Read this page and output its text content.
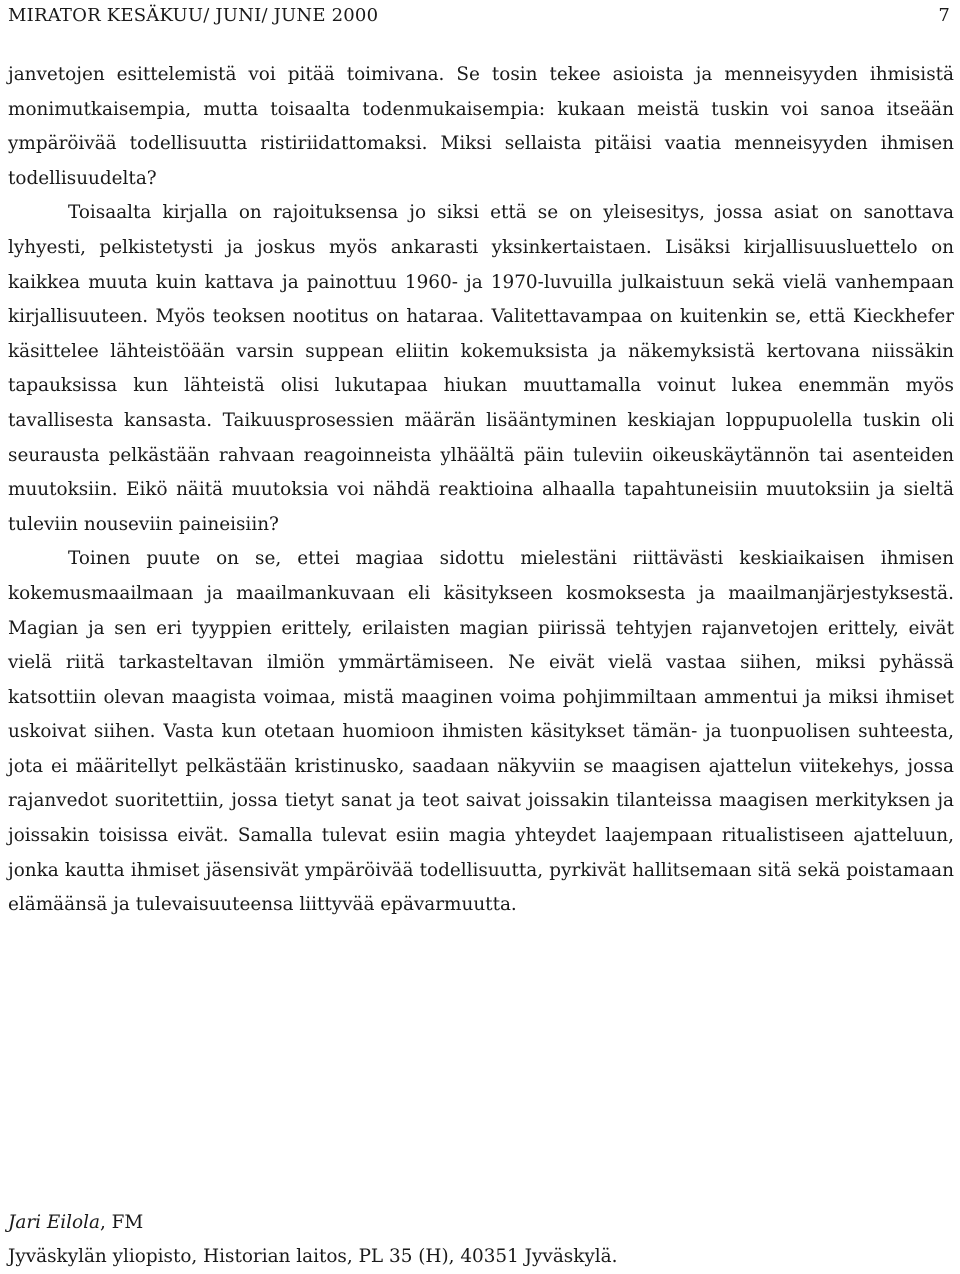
MIRATOR KESÄKUU/ JUNI/ JUNE 2000	7

janvetojen esittelemistä voi pitää toimivana. Se tosin tekee asioista ja menneisyyden ihmisistä monimutkaisempia, mutta toisaalta todenmukaisempia: kukaan meistä tuskin voi sanoa itseään ympäröivää todellisuutta ristiriidattomaksi. Miksi sellaista pitäisi vaatia menneisyyden ihmisen todellisuudelta?

Toisaalta kirjalla on rajoituksensa jo siksi että se on yleisesitys, jossa asiat on sanottava lyhyesti, pelkistetysti ja joskus myös ankarasti yksinkertaistaen. Lisäksi kirjallisuusluettelo on kaikkea muuta kuin kattava ja painottuu 1960- ja 1970-luvuilla julkaistuun sekä vielä vanhempaan kirjallisuuteen. Myös teoksen nootitus on hataraa. Valitettavampaa on kuitenkin se, että Kieckhefer käsittelee lähteistöään varsin suppean eliitin kokemuksista ja näkemyksistä kertovana niissäkin tapauksissa kun lähteistä olisi lukutapaa hiukan muuttamalla voinut lukea enemmän myös tavallisesta kansasta. Taikuusprosessien määrän lisääntyminen keskiajan loppupuolella tuskin oli seurausta pelkästään rahvaan reagoinneista ylhäältä päin tuleviin oikeuskäytännön tai asenteiden muutoksiin. Eikö näitä muutoksia voi nähdä reaktioina alhaalla tapahtuneisiin muutoksiin ja sieltä tuleviin nouseviin paineisiin?

Toinen puute on se, ettei magiaa sidottu mielestäni riittävästi keskiaikaisen ihmisen kokemusmaailmaan ja maailmankuvaan eli käsitykseen kosmoksesta ja maailmanjärjestyksestä. Magian ja sen eri tyyppien erittely, erilaisten magian piirissä tehtyjen rajanvetojen erittely, eivät vielä riitä tarkasteltavan ilmiön ymmärtämiseen. Ne eivät vielä vastaa siihen, miksi pyhässä katsottiin olevan maagista voimaa, mistä maaginen voima pohjimmiltaan ammentui ja miksi ihmiset uskoivat siihen. Vasta kun otetaan huomioon ihmisten käsitykset tämän- ja tuonpuolisen suhteesta, jota ei määritellyt pelkästään kristinusko, saadaan näkyviin se maagisen ajattelun viitekehys, jossa rajanvedot suoritettiin, jossa tietyt sanat ja teot saivat joissakin tilanteissa maagisen merkityksen ja joissakin toisissa eivät. Samalla tulevat esiin magia yhteydet laajempaan ritualistiseen ajatteluun, jonka kautta ihmiset jäsensivät ympäröivää todellisuutta, pyrkivät hallitsemaan sitä sekä poistamaan elämäänsä ja tulevaisuuteensa liittyvää epävarmuutta.

Jari Eilola, FM
Jyväskylän yliopisto, Historian laitos, PL 35 (H), 40351 Jyväskylä.
